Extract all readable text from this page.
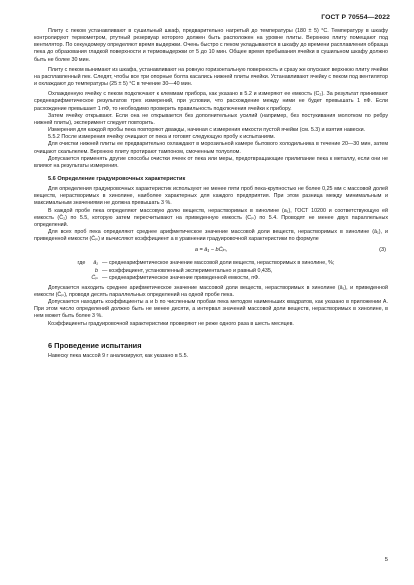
ГОСТ Р 70554—2022

Плиту с пеком устанавливают в сушильный шкаф, предварительно нагретый до температуры (180 ± 5) °С. Температуру в шкафу контролируют термометром, ртутный резервуар которого должен быть расположен на уровне плиты. Верхнюю плиту помещают под вентилятор. По секундомеру определяют время выдержки. Очень быстро с пеком укладываются в шкафу до времени расплавления образца пека до образования гладкой поверхности и термовыдержки от 5 до 10 мин. Общее время пребывания ячейки в сушильном шкафу должно быть не более 30 мин.

Плиту с пеком вынимают из шкафа, устанавливают на ровную горизонтальную поверхность и сразу же опускают верхнюю плиту ячейки на расплавленный пек. Следят, чтобы все три опорные болта касались нижней плиты ячейки. Устанавливают ячейку с пеком под вентилятор и охлаждают до температуры (25 ± 5) °С в течение 30—40 мин.

Охлажденную ячейку с пеком подключают к клеммам прибора, как указано в 5.2 и измеряют ее емкость (C₂). За результат принимают среднеарифметическое результатов трех измерений, при условии, что расхождение между ними не будет превышать 1 пФ. Если расхождение превышает 1 пФ, то необходимо проверить правильность подключения ячейки к прибору.

Затем ячейку открывают. Если она не открывается без дополнительных усилий (например, без постукивания молотком по ребру нижней плиты), эксперимент следует повторить.

Измерения для каждой пробы пека повторяют дважды, начиная с измерения емкости пустой ячейки (см. 5.3) и взятия навески.

5.5.2 После измерения ячейку очищают от пека и готовят следующую пробу к испытаниям.

Для очистки нижней плиты ее предварительно охлаждают в морозильной камере бытового холодильника в течение 20—30 мин, затем очищают скальпелем. Верхнюю плиту протирают тампоном, смоченным толуолом.

Допускается применять другие способы очистки ячеек от пека или меры, предотвращающие прилипание пека к металлу, если они не влияют на результаты измерения.

5.6 Определение градуировочных характеристик

Для определения градуировочных характеристик используют не менее пяти проб пека-крупностью не более 0,25 мм с массовой долей веществ, нерастворимых в хинолине, наиболее характерных для каждого предприятия. При этом разница между минимальным и максимальным значениями не должна превышать 3 %.

В каждой пробе пека определяют массовую долю веществ, нерастворимых в хинолине (a₁), ГОСТ 10200 и соответствующую ей емкость (C̄₂) по 5.5, которую затем пересчитывают на приведенную емкость (Cᵢₙ) по 5.4. Проводят не менее двух параллельных определений.

Для всех проб пека определяют среднее арифметическое значение массовой доли веществ, нерастворимых в хинолине (ā₁), и приведенной емкости (C̄ᵢₙ) и вычисляют коэффициент a в уравнении градуировочной характеристики по формуле

a = ā₁ − bC̄ᵢₙ,	(3)
где ā₁ — среднеарифметическое значение массовой доли веществ, нерастворимых в хинолине, %;
b — коэффициент, установленный экспериментально и равный 0,435,
C̄ᵢₙ — среднеарифметическое значение приведенной емкости, пФ.

Допускается находить среднее арифметическое значение массовой доли веществ, нерастворимых в хинолине (ā₁), и приведенной емкости (C̄ᵢₙ), проводя десять параллельных определений на одной пробе пека.

Допускается находить коэффициенты a и b по численным пробам пека методом наименьших квадратов, как указано в приложении А. При этом число определений должно быть не менее десяти, а интервал значений массовой доли веществ, нерастворимых в хинолине, в нем может быть более 3 %.

Коэффициенты градуировочной характеристики проверяют не реже одного раза в шесть месяцев.

6 Проведение испытания

Навеску пека массой 9 г анализируют, как указано в 5.5.

5
